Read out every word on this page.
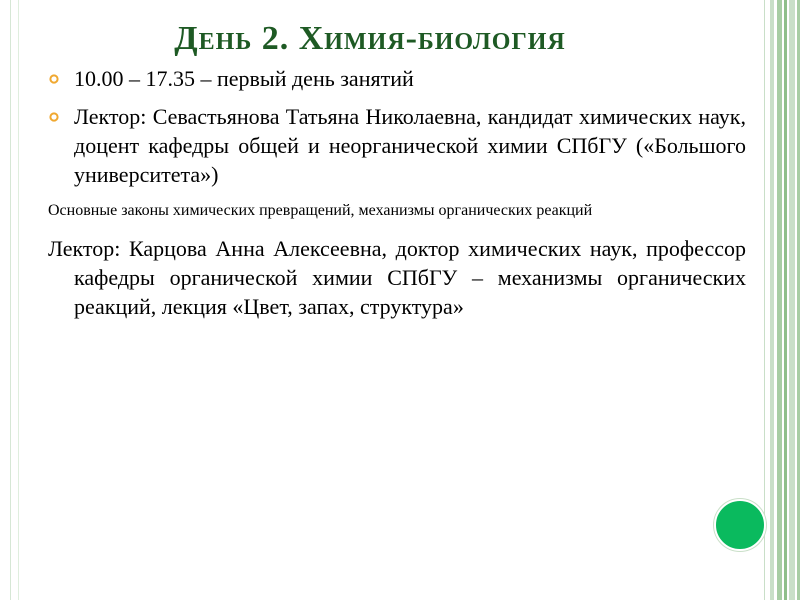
День 2. Химия-биология

10.00 – 17.35 – первый день занятий

Лектор: Севастьянова Татьяна Николаевна, кандидат химических наук, доцент кафедры общей и неорганической химии СПбГУ («Большого университета»)

Основные законы химических превращений, механизмы органических реакций

Лектор: Карцова Анна Алексеевна, доктор химических наук, профессор кафедры органической химии СПбГУ – механизмы органических реакций, лекция «Цвет, запах, структура»
